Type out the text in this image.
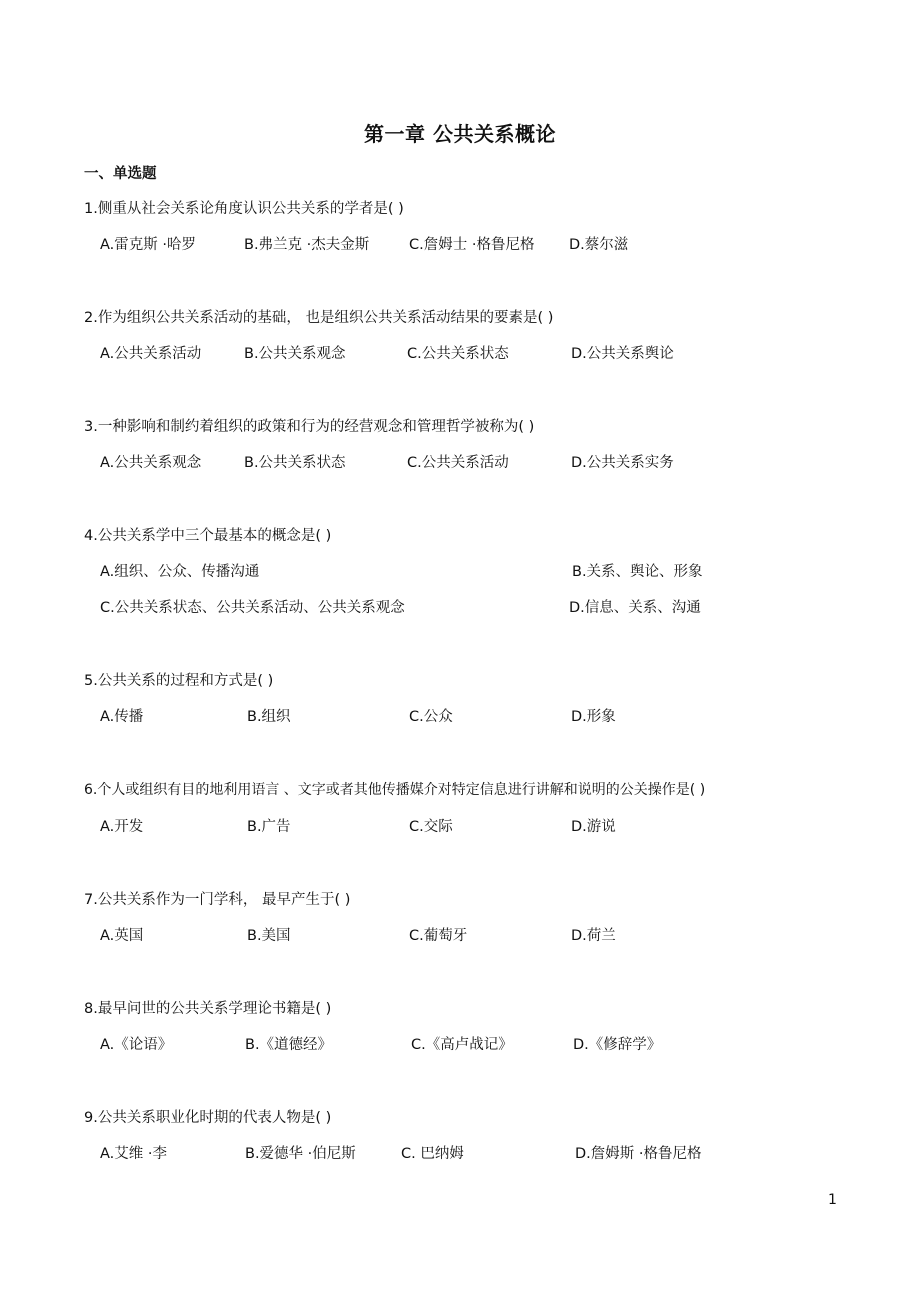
第一章 公共关系概论
一、单选题
1.侧重从社会关系论角度认识公共关系的学者是( )
A.雷克斯 ·哈罗	B.弗兰克 ·杰夫金斯	C.詹姆士 ·格鲁尼格 D.蔡尔滋
2.作为组织公共关系活动的基础， 也是组织公共关系活动结果的要素是( )
A.公共关系活动	B.公共关系观念	C.公共关系状态	D.公共关系舆论
3.一种影响和制约着组织的政策和行为的经营观念和管理哲学被称为( )
A.公共关系观念	B.公共关系状态	C.公共关系活动	D.公共关系实务
4.公共关系学中三个最基本的概念是( )
A.组织、公众、传播沟通	B.关系、舆论、形象
C.公共关系状态、公共关系活动、公共关系观念	D.信息、关系、沟通
5.公共关系的过程和方式是( )
A.传播	B.组织	C.公众	D.形象
6.个人或组织有目的地利用语言 、文字或者其他传播媒介对特定信息进行讲解和说明的公关操作是( )
A.开发	B.广告	C.交际	D.游说
7.公共关系作为一门学科， 最早产生于( )
A.英国	B.美国	C.葡萄牙	D.荷兰
8.最早问世的公共关系学理论书籍是( )
A.《论语》	B.《道德经》	C.《高卢战记》	D.《修辞学》
9.公共关系职业化时期的代表人物是( )
A.艾维 ·李	B.爱德华 ·伯尼斯	C. 巴纳姆	D.詹姆斯 ·格鲁尼格
1
